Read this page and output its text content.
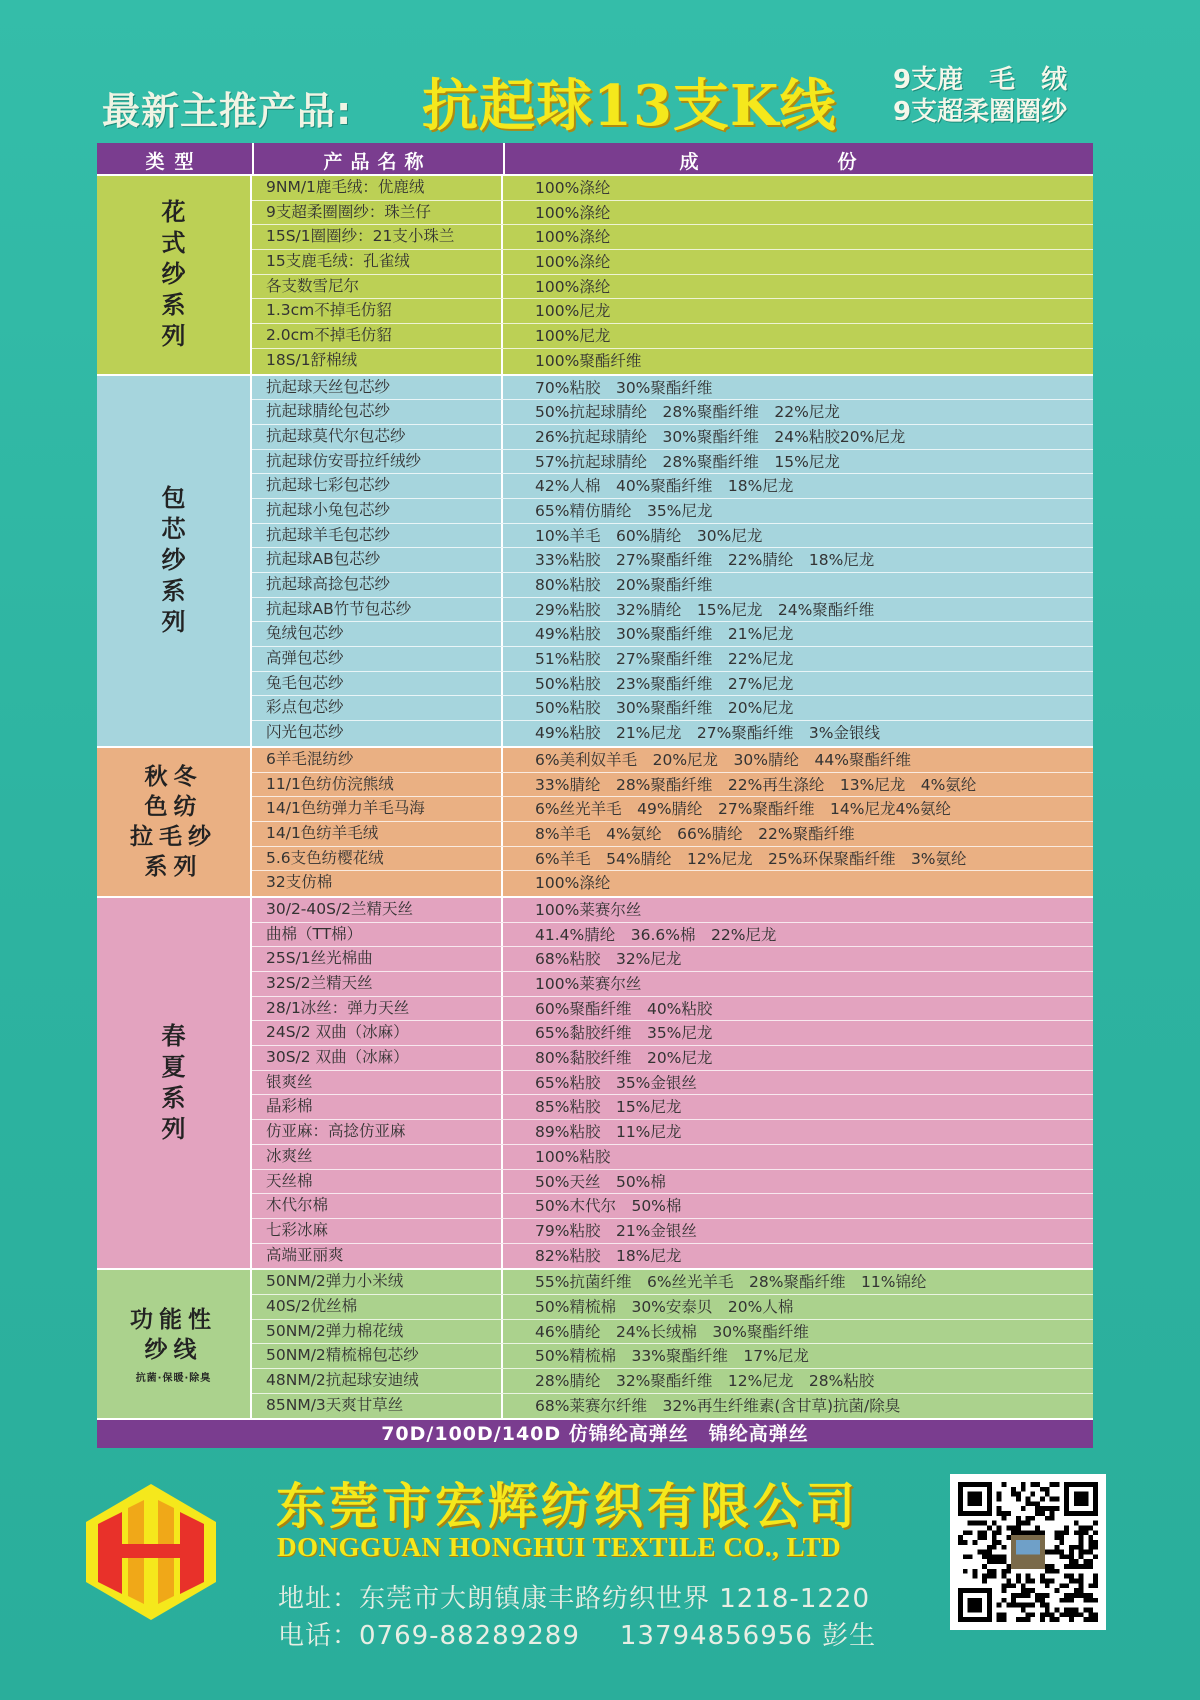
最新主推产品: 抗起球13支K线 9支鹿　毛　绒
9支超柔圈圈纱
类型	产品名称	成　份
花式纱系列
9NM/1鹿毛绒：优鹿绒	100%涤纶
9支超柔圈圈纱：珠兰仔	100%涤纶
15S/1圈圈纱：21支小珠兰	100%涤纶
15支鹿毛绒：孔雀绒	100%涤纶
各支数雪尼尔	100%涤纶
1.3cm不掉毛仿貂	100%尼龙
2.0cm不掉毛仿貂	100%尼龙
18S/1舒棉绒	100%聚酯纤维
包芯纱系列
抗起球天丝包芯纱	70%粘胶　30%聚酯纤维
抗起球腈纶包芯纱	50%抗起球腈纶　28%聚酯纤维　22%尼龙
抗起球莫代尔包芯纱	26%抗起球腈纶　30%聚酯纤维　24%粘胶20%尼龙
抗起球仿安哥拉纤绒纱	57%抗起球腈纶　28%聚酯纤维　15%尼龙
抗起球七彩包芯纱	42%人棉　40%聚酯纤维　18%尼龙
抗起球小兔包芯纱	65%精仿腈纶　35%尼龙
抗起球羊毛包芯纱	10%羊毛　60%腈纶　30%尼龙
抗起球AB包芯纱	33%粘胶　27%聚酯纤维　22%腈纶　18%尼龙
抗起球高捻包芯纱	80%粘胶　20%聚酯纤维
抗起球AB竹节包芯纱	29%粘胶　32%腈纶　15%尼龙　24%聚酯纤维
兔绒包芯纱	49%粘胶　30%聚酯纤维　21%尼龙
高弹包芯纱	51%粘胶　27%聚酯纤维　22%尼龙
兔毛包芯纱	50%粘胶　23%聚酯纤维　27%尼龙
彩点包芯纱	50%粘胶　30%聚酯纤维　20%尼龙
闪光包芯纱	49%粘胶　21%尼龙　27%聚酯纤维　3%金银线
秋冬
色纺
拉毛纱
系列
6羊毛混纺纱	6%美利奴羊毛　20%尼龙　30%腈纶　44%聚酯纤维
11/1色纺仿浣熊绒	33%腈纶　28%聚酯纤维　22%再生涤纶　13%尼龙　4%氨纶
14/1色纺弹力羊毛马海	6%丝光羊毛　49%腈纶　27%聚酯纤维　14%尼龙4%氨纶
14/1色纺羊毛绒	8%羊毛　4%氨纶　66%腈纶　22%聚酯纤维
5.6支色纺樱花绒	6%羊毛　54%腈纶　12%尼龙　25%环保聚酯纤维　3%氨纶
32支仿棉	100%涤纶
春夏系列
30/2-40S/2兰精天丝	100%莱赛尔丝
曲棉（TT棉）	41.4%腈纶　36.6%棉　22%尼龙
25S/1丝光棉曲	68%粘胶　32%尼龙
32S/2兰精天丝	100%莱赛尔丝
28/1冰丝：弹力天丝	60%聚酯纤维　40%粘胶
24S/2 双曲（冰麻）	65%黏胶纤维　35%尼龙
30S/2 双曲（冰麻）	80%黏胶纤维　20%尼龙
银爽丝	65%粘胶　35%金银丝
晶彩棉	85%粘胶　15%尼龙
仿亚麻：高捻仿亚麻	89%粘胶　11%尼龙
冰爽丝	100%粘胶
天丝棉	50%天丝　50%棉
木代尔棉	50%木代尔　50%棉
七彩冰麻	79%粘胶　21%金银丝
高端亚丽爽	82%粘胶　18%尼龙
功能性
纱线
抗菌·保暖·除臭
50NM/2弹力小米绒	55%抗菌纤维　6%丝光羊毛　28%聚酯纤维　11%锦纶
40S/2优丝棉	50%精梳棉　30%安泰贝　20%人棉
50NM/2弹力棉花绒	46%腈纶　24%长绒棉　30%聚酯纤维
50NM/2精梳棉包芯纱	50%精梳棉　33%聚酯纤维　17%尼龙
48NM/2抗起球安迪绒	28%腈纶　32%聚酯纤维　12%尼龙　28%粘胶
85NM/3天爽甘草丝	68%莱赛尔纤维　32%再生纤维素(含甘草)抗菌/除臭
70D/100D/140D 仿锦纶高弹丝　锦纶高弹丝
东莞市宏辉纺织有限公司
DONGGUAN HONGHUI TEXTILE CO., LTD
地址：东莞市大朗镇康丰路纺织世界 1218-1220
电话：0769-88289289 13794856956 彭生
